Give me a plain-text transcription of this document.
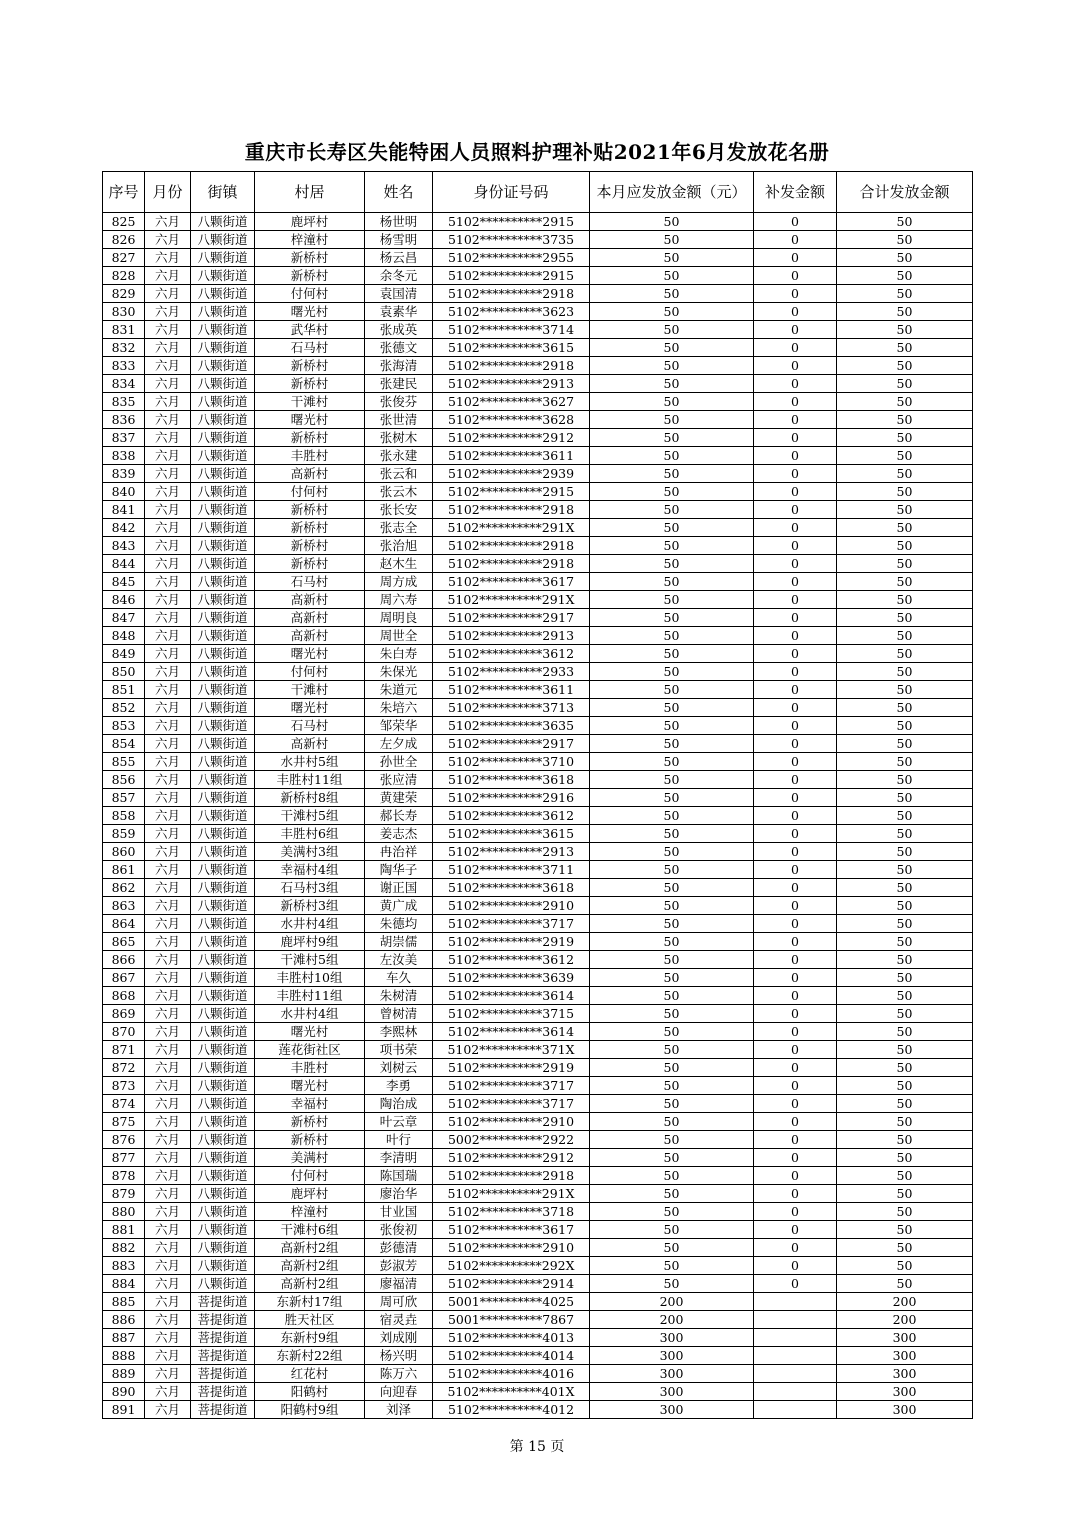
重庆市长寿区失能特困人员照料护理补贴2021年6月发放花名册
序号	月份	街镇	村居	姓名	身份证号码	本月应发放金额（元）	补发金额	合计发放金额
825	六月	八颗街道	鹿坪村	杨世明	5102**********2915	50	0	50
826	六月	八颗街道	梓潼村	杨雪明	5102**********3735	50	0	50
827	六月	八颗街道	新桥村	杨云昌	5102**********2955	50	0	50
828	六月	八颗街道	新桥村	余冬元	5102**********2915	50	0	50
829	六月	八颗街道	付何村	袁国清	5102**********2918	50	0	50
830	六月	八颗街道	曙光村	袁素华	5102**********3623	50	0	50
831	六月	八颗街道	武华村	张成英	5102**********3714	50	0	50
832	六月	八颗街道	石马村	张德文	5102**********3615	50	0	50
833	六月	八颗街道	新桥村	张海清	5102**********2918	50	0	50
834	六月	八颗街道	新桥村	张建民	5102**********2913	50	0	50
835	六月	八颗街道	干滩村	张俊芬	5102**********3627	50	0	50
836	六月	八颗街道	曙光村	张世清	5102**********3628	50	0	50
837	六月	八颗街道	新桥村	张树木	5102**********2912	50	0	50
838	六月	八颗街道	丰胜村	张永建	5102**********3611	50	0	50
839	六月	八颗街道	高新村	张云和	5102**********2939	50	0	50
840	六月	八颗街道	付何村	张云木	5102**********2915	50	0	50
841	六月	八颗街道	新桥村	张长安	5102**********2918	50	0	50
842	六月	八颗街道	新桥村	张志全	5102**********291X	50	0	50
843	六月	八颗街道	新桥村	张治旭	5102**********2918	50	0	50
844	六月	八颗街道	新桥村	赵木生	5102**********2918	50	0	50
845	六月	八颗街道	石马村	周方成	5102**********3617	50	0	50
846	六月	八颗街道	高新村	周六寿	5102**********291X	50	0	50
847	六月	八颗街道	高新村	周明良	5102**********2917	50	0	50
848	六月	八颗街道	高新村	周世全	5102**********2913	50	0	50
849	六月	八颗街道	曙光村	朱白寿	5102**********3612	50	0	50
850	六月	八颗街道	付何村	朱保光	5102**********2933	50	0	50
851	六月	八颗街道	干滩村	朱道元	5102**********3611	50	0	50
852	六月	八颗街道	曙光村	朱培六	5102**********3713	50	0	50
853	六月	八颗街道	石马村	邹荣华	5102**********3635	50	0	50
854	六月	八颗街道	高新村	左夕成	5102**********2917	50	0	50
855	六月	八颗街道	水井村5组	孙世全	5102**********3710	50	0	50
856	六月	八颗街道	丰胜村11组	张应清	5102**********3618	50	0	50
857	六月	八颗街道	新桥村8组	黄建荣	5102**********2916	50	0	50
858	六月	八颗街道	干滩村5组	郝长寿	5102**********3612	50	0	50
859	六月	八颗街道	丰胜村6组	姜志杰	5102**********3615	50	0	50
860	六月	八颗街道	美满村3组	冉治祥	5102**********2913	50	0	50
861	六月	八颗街道	幸福村4组	陶华子	5102**********3711	50	0	50
862	六月	八颗街道	石马村3组	谢正国	5102**********3618	50	0	50
863	六月	八颗街道	新桥村3组	黄广成	5102**********2910	50	0	50
864	六月	八颗街道	水井村4组	朱德均	5102**********3717	50	0	50
865	六月	八颗街道	鹿坪村9组	胡崇儒	5102**********2919	50	0	50
866	六月	八颗街道	干滩村5组	左汝美	5102**********3612	50	0	50
867	六月	八颗街道	丰胜村10组	车久	5102**********3639	50	0	50
868	六月	八颗街道	丰胜村11组	朱树清	5102**********3614	50	0	50
869	六月	八颗街道	水井村4组	曾树清	5102**********3715	50	0	50
870	六月	八颗街道	曙光村	李熙林	5102**********3614	50	0	50
871	六月	八颗街道	莲花街社区	项书荣	5102**********371X	50	0	50
872	六月	八颗街道	丰胜村	刘树云	5102**********2919	50	0	50
873	六月	八颗街道	曙光村	李勇	5102**********3717	50	0	50
874	六月	八颗街道	幸福村	陶治成	5102**********3717	50	0	50
875	六月	八颗街道	新桥村	叶云章	5102**********2910	50	0	50
876	六月	八颗街道	新桥村	叶行	5002**********2922	50	0	50
877	六月	八颗街道	美满村	李清明	5102**********2912	50	0	50
878	六月	八颗街道	付何村	陈国瑞	5102**********2918	50	0	50
879	六月	八颗街道	鹿坪村	廖治华	5102**********291X	50	0	50
880	六月	八颗街道	梓潼村	甘业国	5102**********3718	50	0	50
881	六月	八颗街道	干滩村6组	张俊初	5102**********3617	50	0	50
882	六月	八颗街道	高新村2组	彭德清	5102**********2910	50	0	50
883	六月	八颗街道	高新村2组	彭淑芳	5102**********292X	50	0	50
884	六月	八颗街道	高新村2组	廖福清	5102**********2914	50	0	50
885	六月	菩提街道	东新村17组	周可欣	5001**********4025	200		200
886	六月	菩提街道	胜天社区	宿灵垚	5001**********7867	200		200
887	六月	菩提街道	东新村9组	刘成刚	5102**********4013	300		300
888	六月	菩提街道	东新村22组	杨兴明	5102**********4014	300		300
889	六月	菩提街道	红花村	陈万六	5102**********4016	300		300
890	六月	菩提街道	阳鹤村	向迎春	5102**********401X	300		300
891	六月	菩提街道	阳鹤村9组	刘泽	5102**********4012	300		300
第 15 页
